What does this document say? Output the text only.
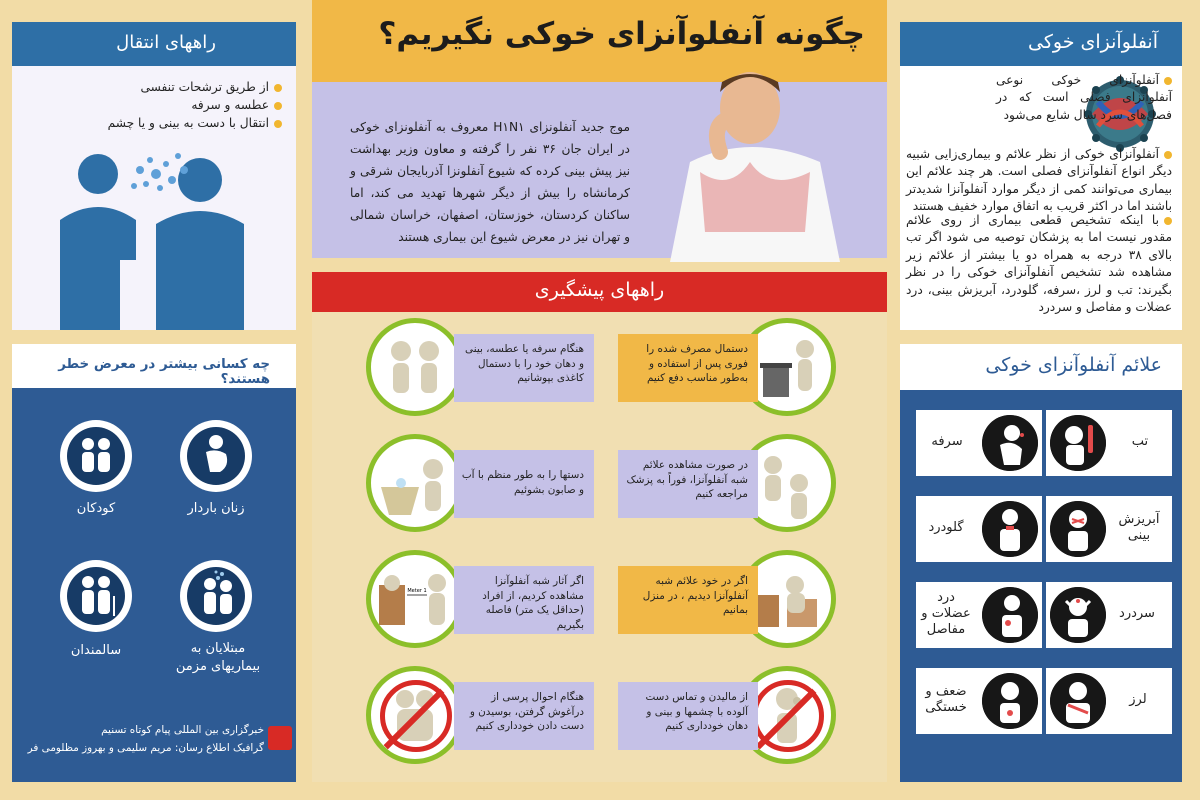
آنفلوآنزای خوکی
آنفلوآنزای خوکی نوعی آنفلوانزای فصلی است که در فصل‌های سرد سال شایع می‌شود
آنفلوآنزای خوکی از نظر علائم و بیماری‌زایی شبیه دیگر انواع آنفلوآنزای فصلی است. هر چند علائم این بیماری می‌توانند کمی از دیگر موارد آنفلوآنزا شدیدتر باشند اما در اکثر قریب به اتفاق موارد خفیف هستند
با اینکه تشخیص قطعی بیماری از روی علائم مقدور نیست اما به پزشکان توصیه می شود اگر تب بالای ۳۸ درجه به همراه دو یا بیشتر از علائم زیر مشاهده شد تشخیص آنفلوآنزای خوکی را در نظر بگیرند: تب و لرز ،سرفه، گلودرد، آبریزش بینی، درد عضلات و مفاصل و سردرد
علائم آنفلوآنزای خوکی
تب
سرفه
آبریزش بینی
گلودرد
سردرد
درد عضلات و مفاصل
لرز
ضعف و خستگی
چگونه آنفلوآنزای خوکی نگیریم؟
موج جدید آنفلونزای H۱N۱ معروف به آنفلونزای خوکی در ایران جان ۳۶ نفر را گرفته و معاون وزیر بهداشت نیز پیش بینی کرده که شیوع آنفلونزا آذربایجان شرقی و کرمانشاه را بیش از دیگر شهرها تهدید می کند، اما ساکنان کردستان، خوزستان، اصفهان، خراسان شمالی و تهران نیز در معرض شیوع این بیماری هستند
راههای پیشگیری
هنگام سرفه یا عطسه، بینی و دهان خود را با دستمال کاغذی بپوشانیم
دستمال مصرف شده را فوری پس از استفاده و به‌طور مناسب دفع کنیم
دستها را به طور منظم با آب و صابون بشوئیم
در صورت مشاهده علائم شبه آنفلوآنزا، فوراً به پزشک مراجعه کنیم
1 Meter
اگر آثار شبه آنفلوآنزا مشاهده کردیم، از افراد (حداقل یک متر) فاصله بگیریم
اگر در خود علائم شبه آنفلوآنزا دیدیم ، در منزل بمانیم
هنگام احوال پرسی از درآغوش گرفتن، بوسیدن و دست دادن خودداری کنیم
از مالیدن و تماس دست آلوده با چشمها و بینی و دهان خودداری کنیم
راههای انتقال
از طریق ترشحات تنفسی
عطسه و سرفه
انتقال با دست به بینی و یا چشم
چه کسانی بیشتر در معرض خطر هستند؟
زنان باردار
کودکان
مبتلایان به بیماریهای مزمن
سالمندان
خبرگزاری بین المللی پیام کوتاه تسنیم
گرافیک اطلاع رسان: مریم سلیمی و بهروز مظلومی فر
